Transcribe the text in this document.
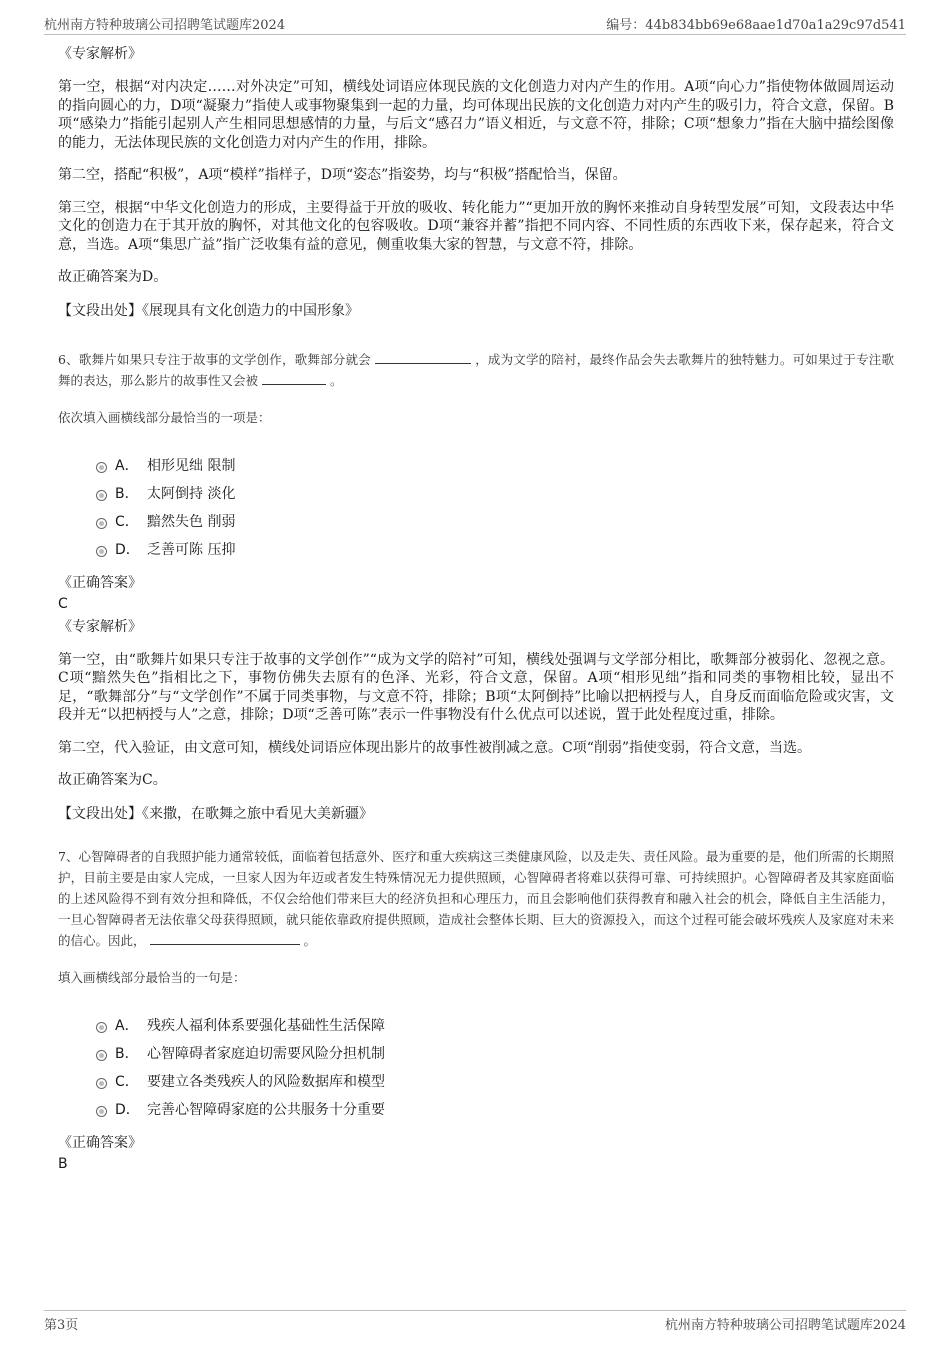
杭州南方特种玻璃公司招聘笔试题库2024	编号：44b834bb69e68aae1d70a1a29c97d541

《专家解析》

第一空，根据“对内决定……对外决定”可知，横线处词语应体现民族的文化创造力对内产生的作用。A项“向心力”指使物体做圆周运动的指向圆心的力，D项“凝聚力”指使人或事物聚集到一起的力量，均可体现出民族的文化创造力对内产生的吸引力，符合文意，保留。B项“感染力”指能引起别人产生相同思想感情的力量，与后文“感召力”语义相近，与文意不符，排除；C项“想象力”指在大脑中描绘图像的能力，无法体现民族的文化创造力对内产生的作用，排除。

第二空，搭配“积极”，A项“模样”指样子，D项“姿态”指姿势，均与“积极”搭配恰当，保留。

第三空，根据“中华文化创造力的形成，主要得益于开放的吸收、转化能力”“更加开放的胸怀来推动自身转型发展”可知，文段表达中华文化的创造力在于其开放的胸怀，对其他文化的包容吸收。D项“兼容并蓄”指把不同内容、不同性质的东西收下来，保存起来，符合文意，当选。A项“集思广益”指广泛收集有益的意见，侧重收集大家的智慧，与文意不符，排除。

故正确答案为D。

【文段出处】《展现具有文化创造力的中国形象》

6、歌舞片如果只专注于故事的文学创作，歌舞部分就会	，成为文学的陪衬，最终作品会失去歌舞片的独特魅力。可如果过于专注歌舞的表达，那么影片的故事性又会被	。

依次填入画横线部分最恰当的一项是：

A． 相形见绌 限制
B． 太阿倒持 淡化
C． 黯然失色 削弱
D． 乏善可陈 压抑

《正确答案》

C

《专家解析》

第一空，由“歌舞片如果只专注于故事的文学创作”“成为文学的陪衬”可知，横线处强调与文学部分相比，歌舞部分被弱化、忽视之意。C项“黯然失色”指相比之下，事物仿佛失去原有的色泽、光彩，符合文意，保留。A项“相形见绌”指和同类的事物相比较，显出不足，“歌舞部分”与“文学创作”不属于同类事物，与文意不符，排除；B项“太阿倒持”比喻以把柄授与人，自身反而面临危险或灾害，文段并无“以把柄授与人”之意，排除；D项“乏善可陈”表示一件事物没有什么优点可以述说，置于此处程度过重，排除。

第二空，代入验证，由文意可知，横线处词语应体现出影片的故事性被削减之意。C项“削弱”指使变弱，符合文意，当选。

故正确答案为C。

【文段出处】《来撒，在歌舞之旅中看见大美新疆》

7、心智障碍者的自我照护能力通常较低，面临着包括意外、医疗和重大疾病这三类健康风险，以及走失、责任风险。最为重要的是，他们所需的长期照护，目前主要是由家人完成，一旦家人因为年迈或者发生特殊情况无力提供照顾，心智障碍者将难以获得可靠、可持续照护。心智障碍者及其家庭面临的上述风险得不到有效分担和降低，不仅会给他们带来巨大的经济负担和心理压力，而且会影响他们获得教育和融入社会的机会，降低自主生活能力，一旦心智障碍者无法依靠父母获得照顾，就只能依靠政府提供照顾，造成社会整体长期、巨大的资源投入，而这个过程可能会破坏残疾人及家庭对未来的信心。因此，	。

填入画横线部分最恰当的一句是：

A． 残疾人福利体系要强化基础性生活保障
B． 心智障碍者家庭迫切需要风险分担机制
C． 要建立各类残疾人的风险数据库和模型
D． 完善心智障碍家庭的公共服务十分重要

《正确答案》

B

第3页	杭州南方特种玻璃公司招聘笔试题库2024
